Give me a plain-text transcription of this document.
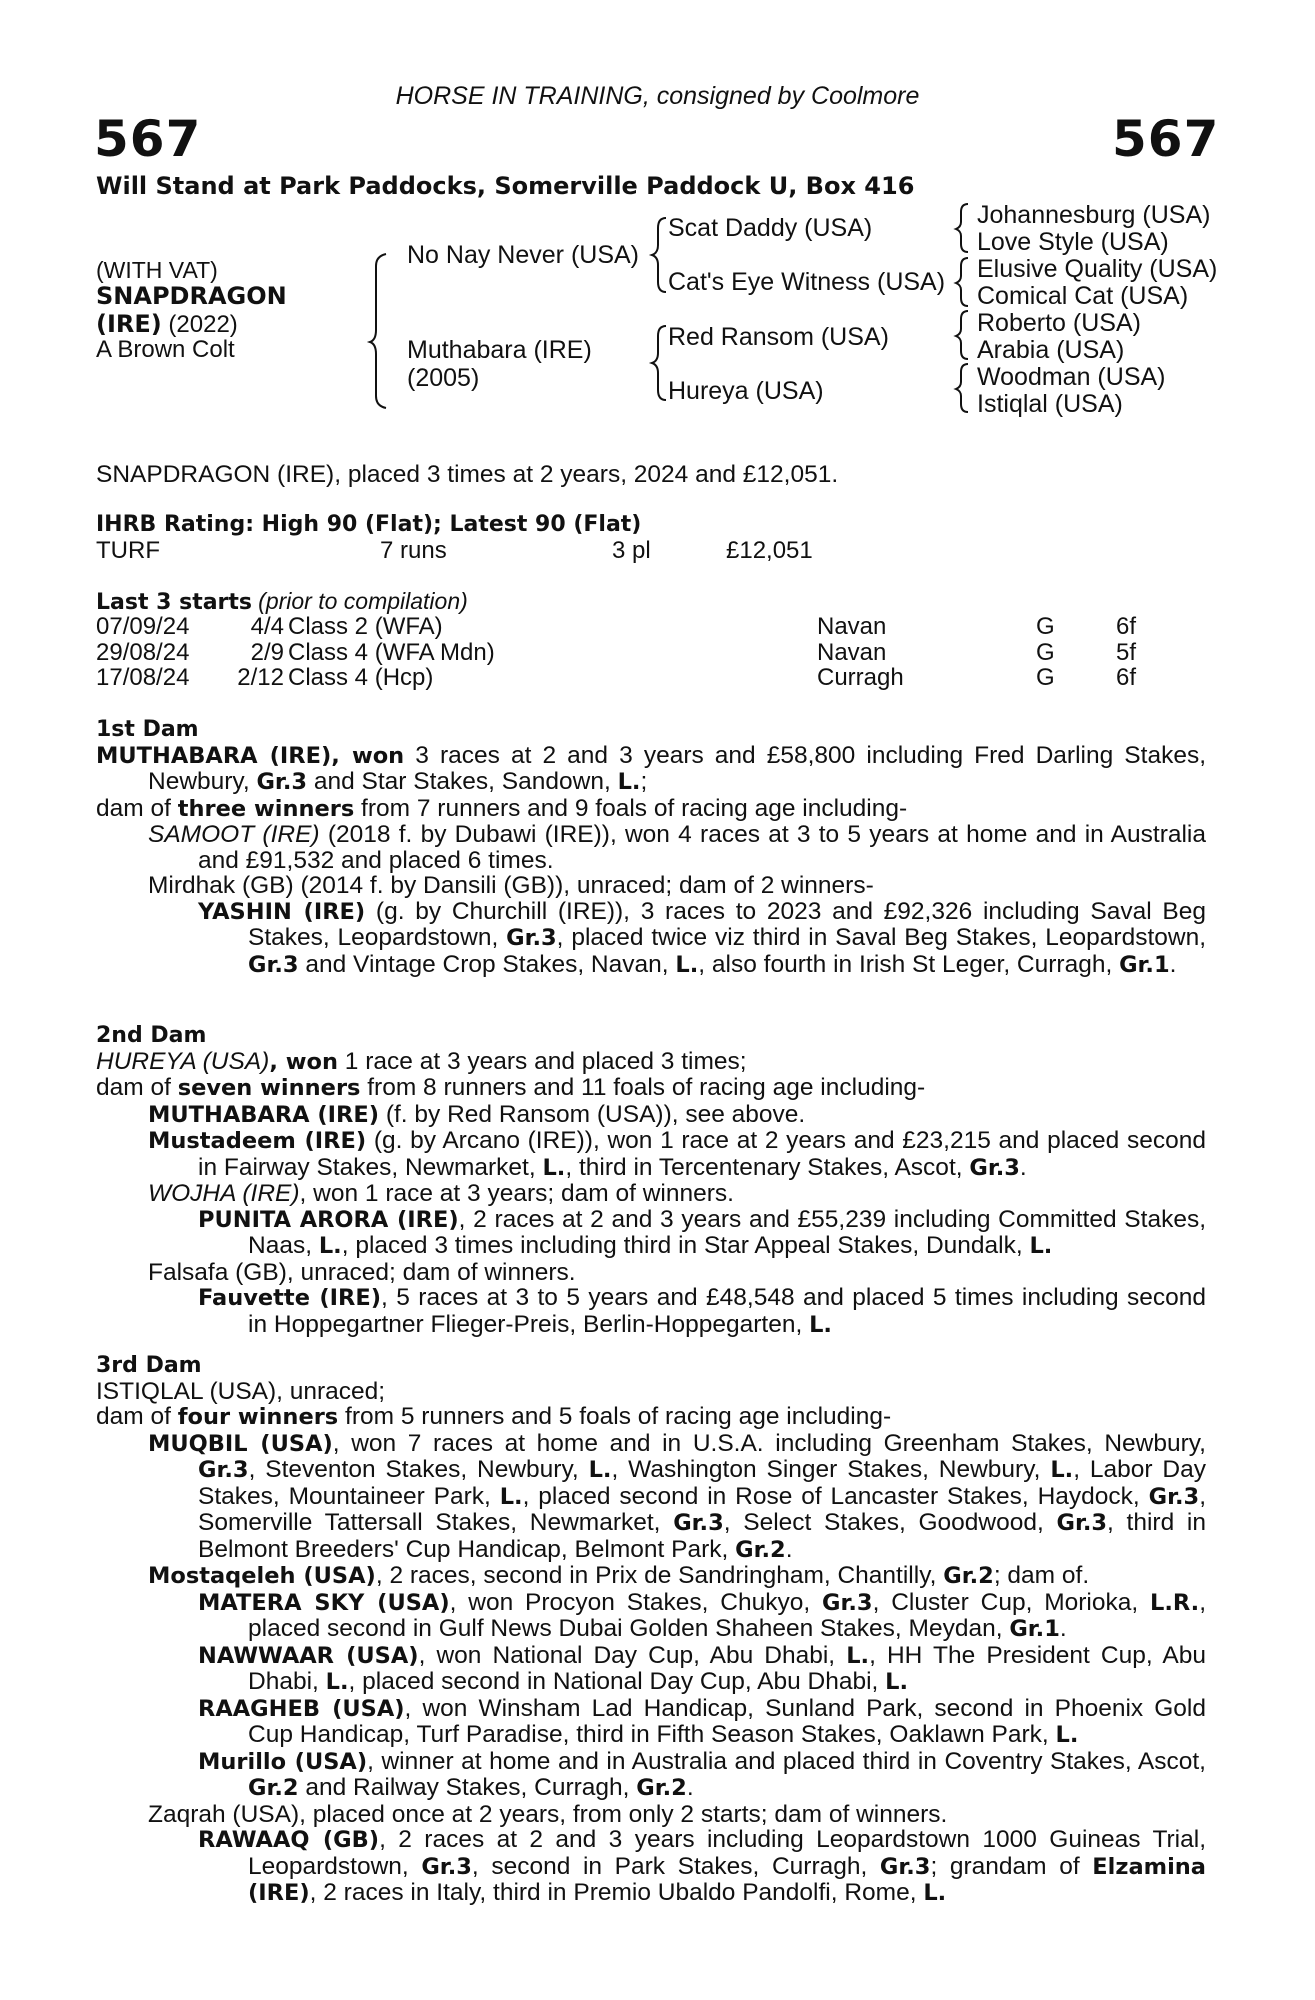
HORSE IN TRAINING, consigned by Coolmore
567	567
Will Stand at Park Paddocks, Somerville Paddock U, Box 416
(WITH VAT)
SNAPDRAGON
(IRE) (2022)
A Brown Colt
No Nay Never (USA)
Muthabara (IRE)
(2005)
Scat Daddy (USA)
Cat's Eye Witness (USA)
Red Ransom (USA)
Hureya (USA)
Johannesburg (USA)
Love Style (USA)
Elusive Quality (USA)
Comical Cat (USA)
Roberto (USA)
Arabia (USA)
Woodman (USA)
Istiqlal (USA)
SNAPDRAGON (IRE), placed 3 times at 2 years, 2024 and £12,051.
IHRB Rating: High 90 (Flat); Latest 90 (Flat)
TURF	7 runs	3 pl	£12,051
Last 3 starts (prior to compilation)
07/09/24	4/4 Class 2 (WFA)	Navan	G	6f
29/08/24	2/9 Class 4 (WFA Mdn)	Navan	G	5f
17/08/24 2/12 Class 4 (Hcp)	Curragh	G	6f

1st Dam

MUTHABARA (IRE), won 3 races at 2 and 3 years and £58,800 including Fred Darling Stakes, Newbury, Gr.3 and Star Stakes, Sandown, L.;

dam of three winners from 7 runners and 9 foals of racing age including-

SAMOOT (IRE) (2018 f. by Dubawi (IRE)), won 4 races at 3 to 5 years at home and in Australia and £91,532 and placed 6 times.

Mirdhak (GB) (2014 f. by Dansili (GB)), unraced; dam of 2 winners-

YASHIN (IRE) (g. by Churchill (IRE)), 3 races to 2023 and £92,326 including Saval Beg Stakes, Leopardstown, Gr.3, placed twice viz third in Saval Beg Stakes, Leopardstown, Gr.3 and Vintage Crop Stakes, Navan, L., also fourth in Irish St Leger, Curragh, Gr.1.

2nd Dam

HUREYA (USA), won 1 race at 3 years and placed 3 times;

dam of seven winners from 8 runners and 11 foals of racing age including-

MUTHABARA (IRE) (f. by Red Ransom (USA)), see above.

Mustadeem (IRE) (g. by Arcano (IRE)), won 1 race at 2 years and £23,215 and placed second in Fairway Stakes, Newmarket, L., third in Tercentenary Stakes, Ascot, Gr.3.

WOJHA (IRE), won 1 race at 3 years; dam of winners.

PUNITA ARORA (IRE), 2 races at 2 and 3 years and £55,239 including Committed Stakes, Naas, L., placed 3 times including third in Star Appeal Stakes, Dundalk, L.

Falsafa (GB), unraced; dam of winners.

Fauvette (IRE), 5 races at 3 to 5 years and £48,548 and placed 5 times including second in Hoppegartner Flieger-Preis, Berlin-Hoppegarten, L.

3rd Dam

ISTIQLAL (USA), unraced;

dam of four winners from 5 runners and 5 foals of racing age including-

MUQBIL (USA), won 7 races at home and in U.S.A. including Greenham Stakes, Newbury, Gr.3, Steventon Stakes, Newbury, L., Washington Singer Stakes, Newbury, L., Labor Day Stakes, Mountaineer Park, L., placed second in Rose of Lancaster Stakes, Haydock, Gr.3, Somerville Tattersall Stakes, Newmarket, Gr.3, Select Stakes, Goodwood, Gr.3, third in Belmont Breeders' Cup Handicap, Belmont Park, Gr.2.

Mostaqeleh (USA), 2 races, second in Prix de Sandringham, Chantilly, Gr.2; dam of.

MATERA SKY (USA), won Procyon Stakes, Chukyo, Gr.3, Cluster Cup, Morioka, L.R., placed second in Gulf News Dubai Golden Shaheen Stakes, Meydan, Gr.1.

NAWWAAR (USA), won National Day Cup, Abu Dhabi, L., HH The President Cup, Abu Dhabi, L., placed second in National Day Cup, Abu Dhabi, L.

RAAGHEB (USA), won Winsham Lad Handicap, Sunland Park, second in Phoenix Gold Cup Handicap, Turf Paradise, third in Fifth Season Stakes, Oaklawn Park, L.

Murillo (USA), winner at home and in Australia and placed third in Coventry Stakes, Ascot, Gr.2 and Railway Stakes, Curragh, Gr.2.

Zaqrah (USA), placed once at 2 years, from only 2 starts; dam of winners.

RAWAAQ (GB), 2 races at 2 and 3 years including Leopardstown 1000 Guineas Trial, Leopardstown, Gr.3, second in Park Stakes, Curragh, Gr.3; grandam of Elzamina (IRE), 2 races in Italy, third in Premio Ubaldo Pandolfi, Rome, L.
